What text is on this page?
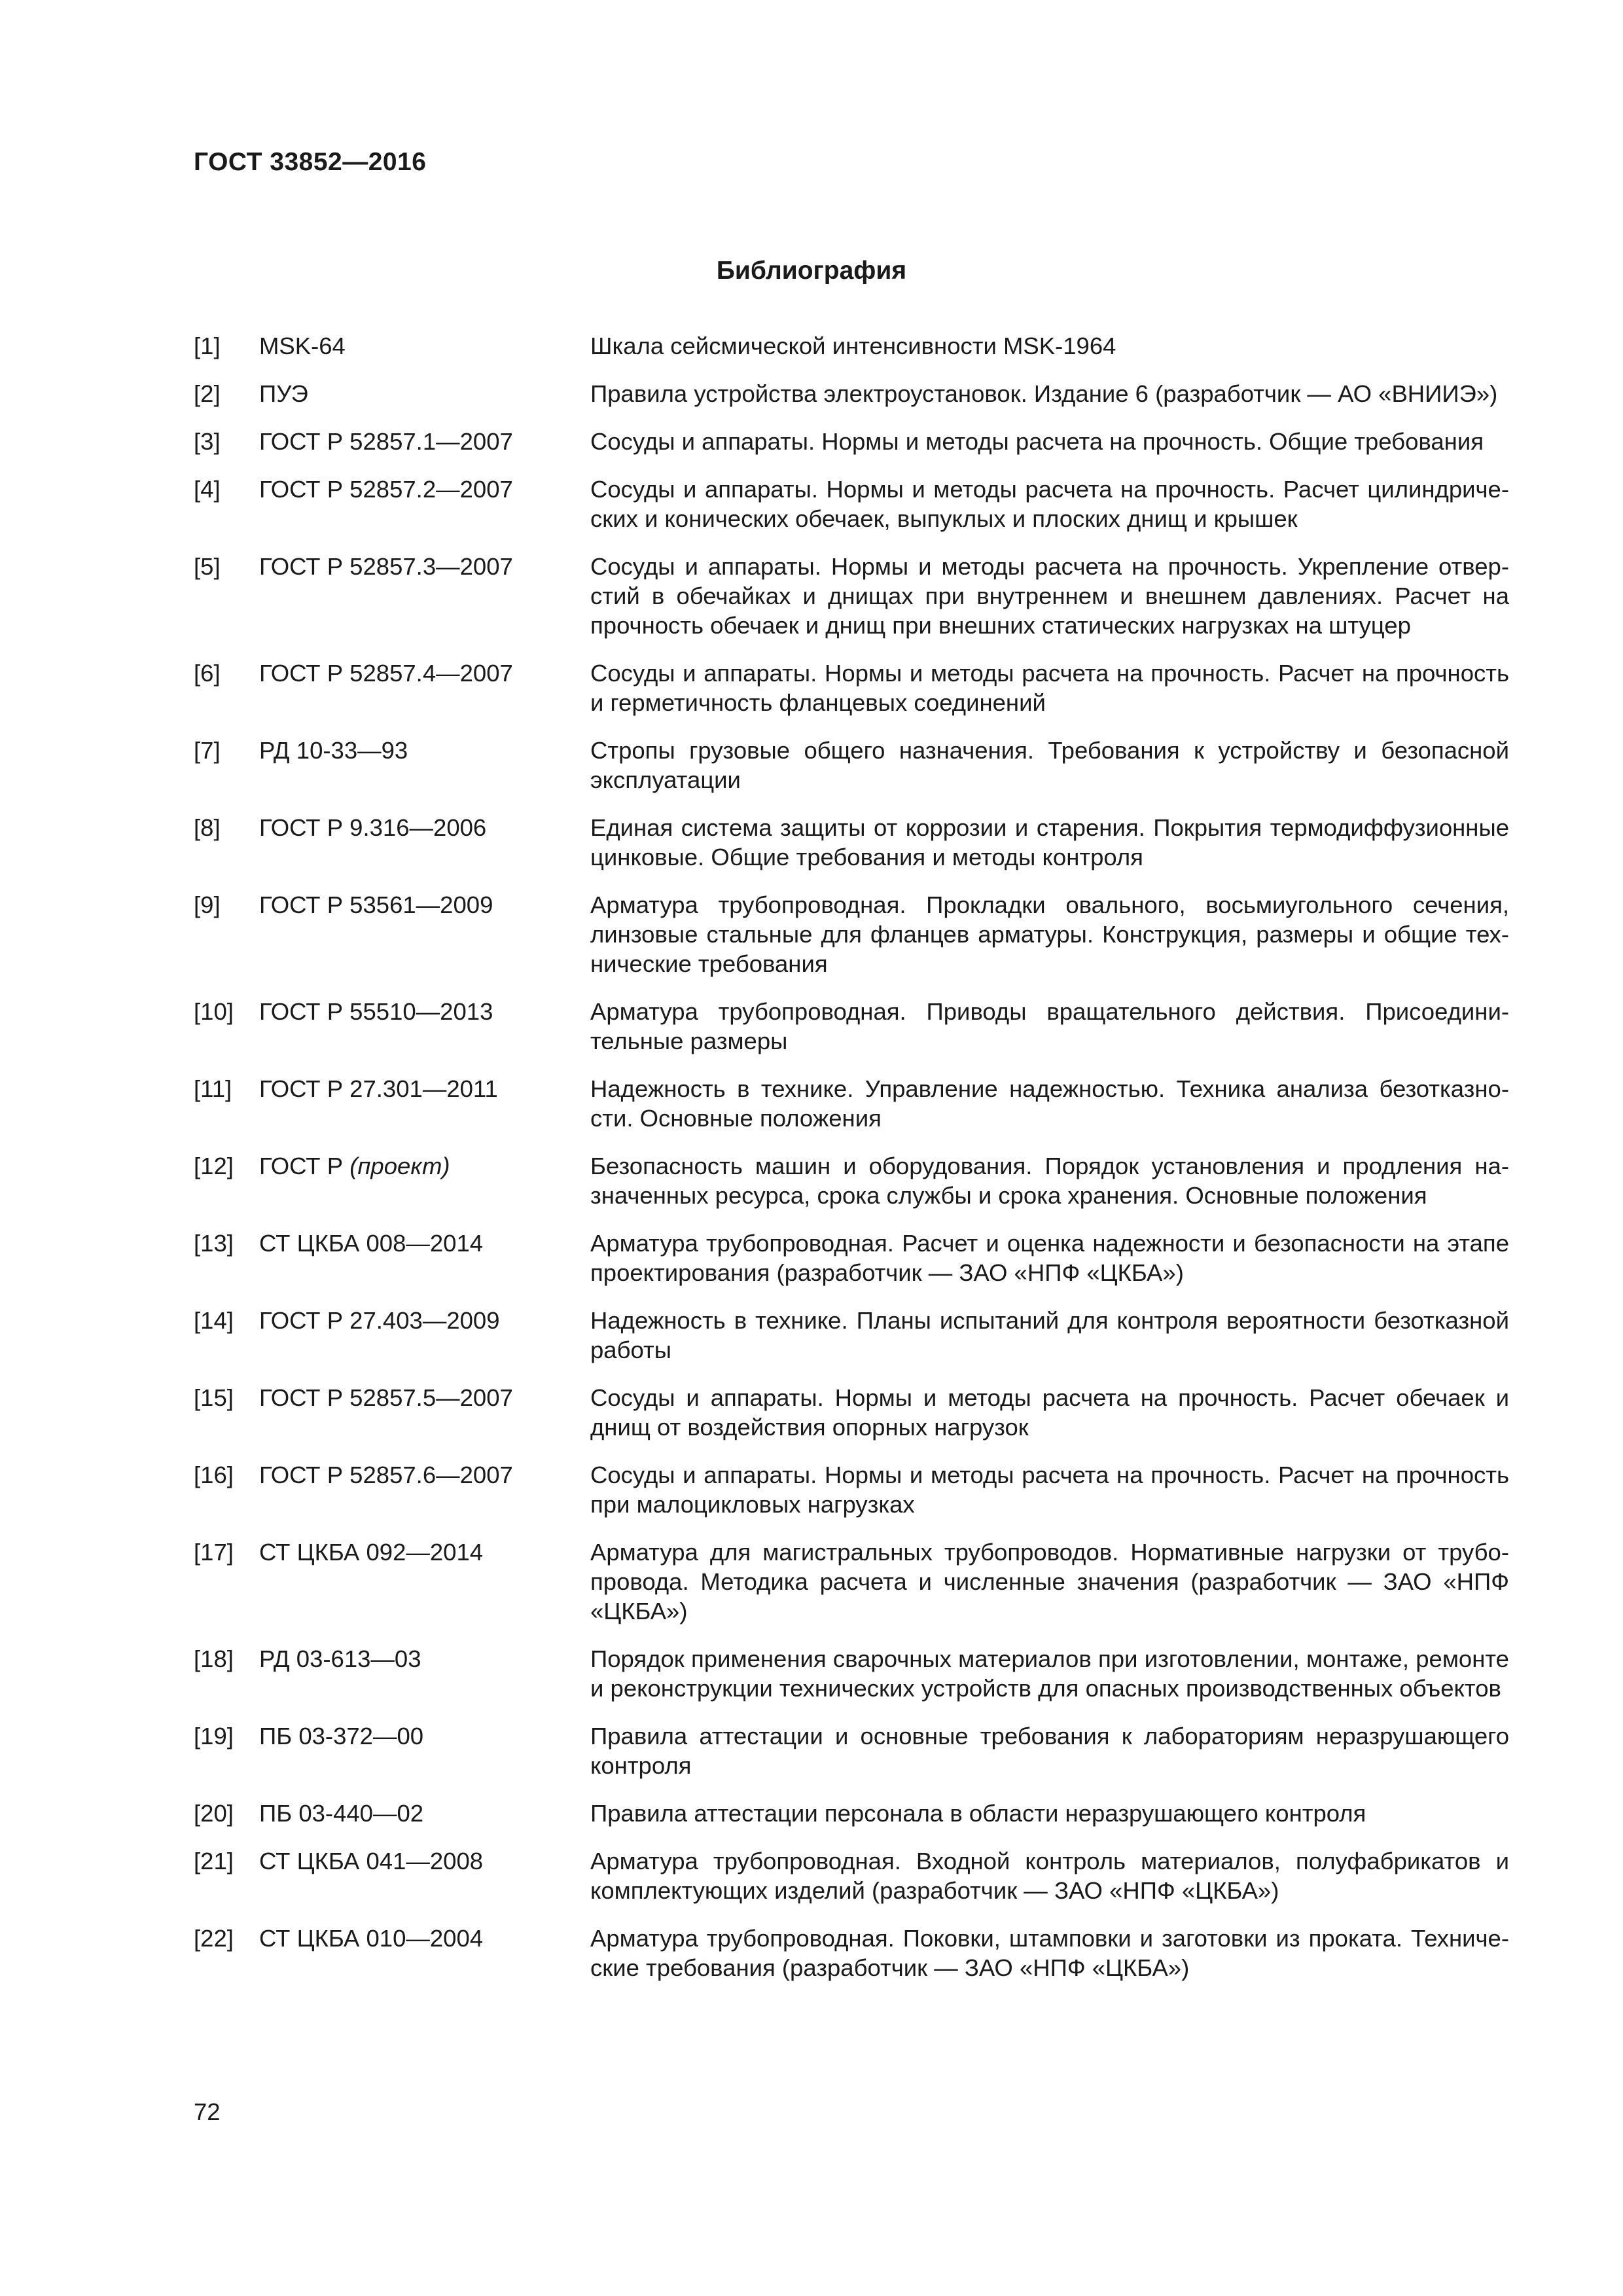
ГОСТ 33852—2016
Библиография
[1]	MSK-64	Шкала сейсмической интенсивности MSK-1964
[2]	ПУЭ	Правила устройства электроустановок. Издание 6 (разработчик — АО «ВНИИЭ»)
[3]	ГОСТ Р 52857.1—2007	Сосуды и аппараты. Нормы и методы расчета на прочность. Общие требования
[4]	ГОСТ Р 52857.2—2007	Сосуды и аппараты. Нормы и методы расчета на прочность. Расчет цилиндрических и конических обечаек, выпуклых и плоских днищ и крышек
[5]	ГОСТ Р 52857.3—2007	Сосуды и аппараты. Нормы и методы расчета на прочность. Укрепление отверстий в обечайках и днищах при внутреннем и внешнем давлениях. Расчет на прочность обечаек и днищ при внешних статических нагрузках на штуцер
[6]	ГОСТ Р 52857.4—2007	Сосуды и аппараты. Нормы и методы расчета на прочность. Расчет на прочность и герметичность фланцевых соединений
[7]	РД 10-33—93	Стропы грузовые общего назначения. Требования к устройству и безопасной эксплуатации
[8]	ГОСТ Р 9.316—2006	Единая система защиты от коррозии и старения. Покрытия термодиффузионные цинковые. Общие требования и методы контроля
[9]	ГОСТ Р 53561—2009	Арматура трубопроводная. Прокладки овального, восьмиугольного сечения, линзовые стальные для фланцев арматуры. Конструкция, размеры и общие технические требования
[10]	ГОСТ Р 55510—2013	Арматура трубопроводная. Приводы вращательного действия. Присоединительные размеры
[11]	ГОСТ Р 27.301—2011	Надежность в технике. Управление надежностью. Техника анализа безотказности. Основные положения
[12]	ГОСТ Р (проект)	Безопасность машин и оборудования. Порядок установления и продления назначенных ресурса, срока службы и срока хранения. Основные положения
[13]	СТ ЦКБА 008—2014	Арматура трубопроводная. Расчет и оценка надежности и безопасности на этапе проектирования (разработчик — ЗАО «НПФ «ЦКБА»)
[14]	ГОСТ Р 27.403—2009	Надежность в технике. Планы испытаний для контроля вероятности безотказной работы
[15]	ГОСТ Р 52857.5—2007	Сосуды и аппараты. Нормы и методы расчета на прочность. Расчет обечаек и днищ от воздействия опорных нагрузок
[16]	ГОСТ Р 52857.6—2007	Сосуды и аппараты. Нормы и методы расчета на прочность. Расчет на прочность при малоцикловых нагрузках
[17]	СТ ЦКБА 092—2014	Арматура для магистральных трубопроводов. Нормативные нагрузки от трубопровода. Методика расчета и численные значения (разработчик — ЗАО «НПФ «ЦКБА»)
[18]	РД 03-613—03	Порядок применения сварочных материалов при изготовлении, монтаже, ремонте и реконструкции технических устройств для опасных производственных объектов
[19]	ПБ 03-372—00	Правила аттестации и основные требования к лабораториям неразрушающего контроля
[20]	ПБ 03-440—02	Правила аттестации персонала в области неразрушающего контроля
[21]	СТ ЦКБА 041—2008	Арматура трубопроводная. Входной контроль материалов, полуфабрикатов и комплектующих изделий (разработчик — ЗАО «НПФ «ЦКБА»)
[22]	СТ ЦКБА 010—2004	Арматура трубопроводная. Поковки, штамповки и заготовки из проката. Технические требования (разработчик — ЗАО «НПФ «ЦКБА»)
72
